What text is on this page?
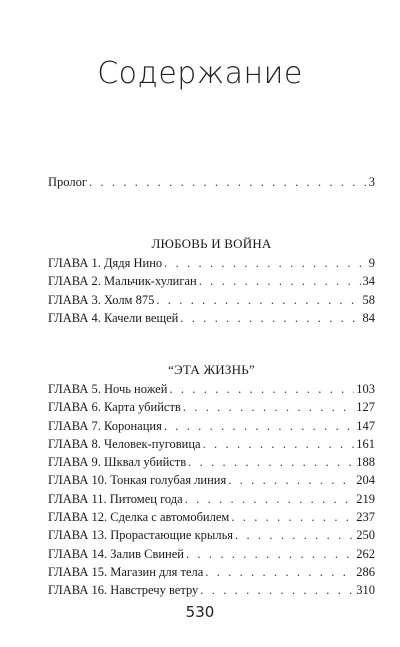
Содержание
Пролог . . .	3
ЛЮБОВЬ И ВОЙНА
ГЛАВА 1. Дядя Нино . . .	9
ГЛАВА 2. Мальчик-хулиган . . .	34
ГЛАВА 3. Холм 875 . . .	58
ГЛАВА 4. Качели вещей . . .	84
“ЭТА ЖИЗНЬ”
ГЛАВА 5. Ночь ножей . . .	103
ГЛАВА 6. Карта убийств . . .	127
ГЛАВА 7. Коронация . . .	147
ГЛАВА 8. Человек-пуговица . . .	161
ГЛАВА 9. Шквал убийств . . .	188
ГЛАВА 10. Тонкая голубая линия . . .	204
ГЛАВА 11. Питомец года . . .	219
ГЛАВА 12. Сделка с автомобилем . . .	237
ГЛАВА 13. Прорастающие крылья . . .	250
ГЛАВА 14. Залив Свиней . . .	262
ГЛАВА 15. Магазин для тела . . .	286
ГЛАВА 16. Навстречу ветру . . .	310
530
